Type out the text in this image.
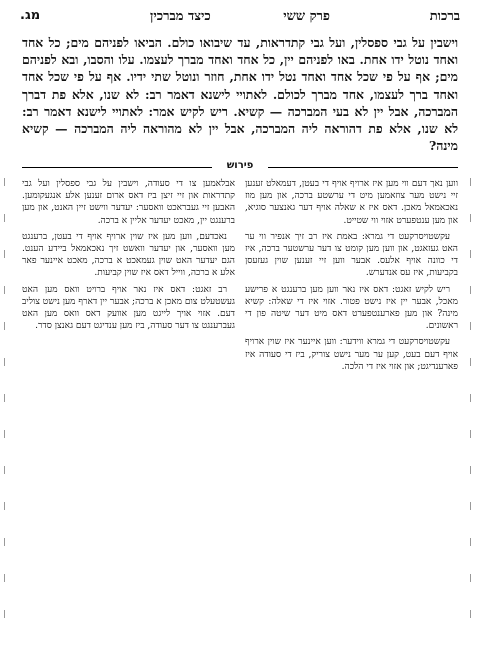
ברכות
פרק ששי
כיצד מברכין
מג.
וישבין על גבי ספסלין, ועל גבי קתדראות, עד שיבואו כולם. הביאו לפניהם מים; כל אחד ואחד נוטל ידו אחת. באו לפניהם יין, כל אחד ואחד מברך לעצמו. עלו והסבו, ובא לפניהם מים; אף על פי שכל אחד ואחד נטל ידו אחת, חוזר ונוטל שתי ידיו. אף על פי שכל אחד ואחד ברך לעצמו, אחד מברך לכולם. לאתויי לישנא דאמר רב: לא שנו, אלא פת דברך המברכה, אבל יין לא בעי המברכה — קשיא. ריש לקיש אמר: לאתויי לישנא דאמר רב: לא שנו, אלא פת דהוראה ליה המברכה, אבל יין לא מהוראה ליה המברכה — קשיא מינה?
פירוש

אבלאמען צו די סעודה, וישבין על גבי ספסלין ועל גבי קתדראות און זיי זיצן ביז דאס ארום זענען אלע אנגעקומען. האבען זיי געבראכט וואסער: יעדער ווישט זיין האנט, און מען ברענגט יין, מאכט יעדער אליין א ברכה.

נאכדעם, ווען מען איז שוין ארויף אויף די בעטן, ברענגט מען וואסער, און יעדער וואשט זיך נאכאמאל ביידע הענט. הגם יעדער האט שוין געמאכט א ברכה, מאכט איינער פאר אלע א ברכה, ווייל דאס איז שוין קביעות.

רב זאגט: דאס איז נאר אויף ברויט וואס מען האט געשטעלט צום מאכן א ברכה; אבער יין דארף מען נישט צוליב דעם. אזוי אויך לייגט מען אוועק דאס וואס מען האט געברענגט צו דער סעודה, ביז מען ענדיגט דעם גאנצן סדר.

ווען נאך דעם ווי מען איז ארויף אויף די בעטן, דעמאלט זענען זיי נישט מער צוזאמען מיט די ערשטע ברכה, און מען מוז נאכאמאל מאכן. דאס איז א שאלה אויף דער גאנצער סוגיא, און מען ענטפערט אזוי ווי שטייט.

עקשטויסרקעט די גמרא: באמת איז רב זיך אנפיר ווי ער האט געזאגט, און ווען מען קומט צו דער ערשטער ברכה, איז די כוונה אויף אלעס. אבער ווען זיי זענען שוין געזעסן בקביעות, איז עס אנדערש.

ריש לקיש זאגט: דאס איז נאר ווען מען ברענגט א פרישע מאכל, אבער יין איז נישט פטור. אזוי איז די שאלה: קשיא מינה? און מען פארענטפערט דאס מיט דער שיטה פון די ראשונים.

עקשטויסרקעט די גמרא ווידער: ווען איינער איז שוין ארויף אויף דעם בעט, קען ער מער נישט צוריק, ביז די סעודה איז פארענדיגט; און אזוי איז די הלכה.
